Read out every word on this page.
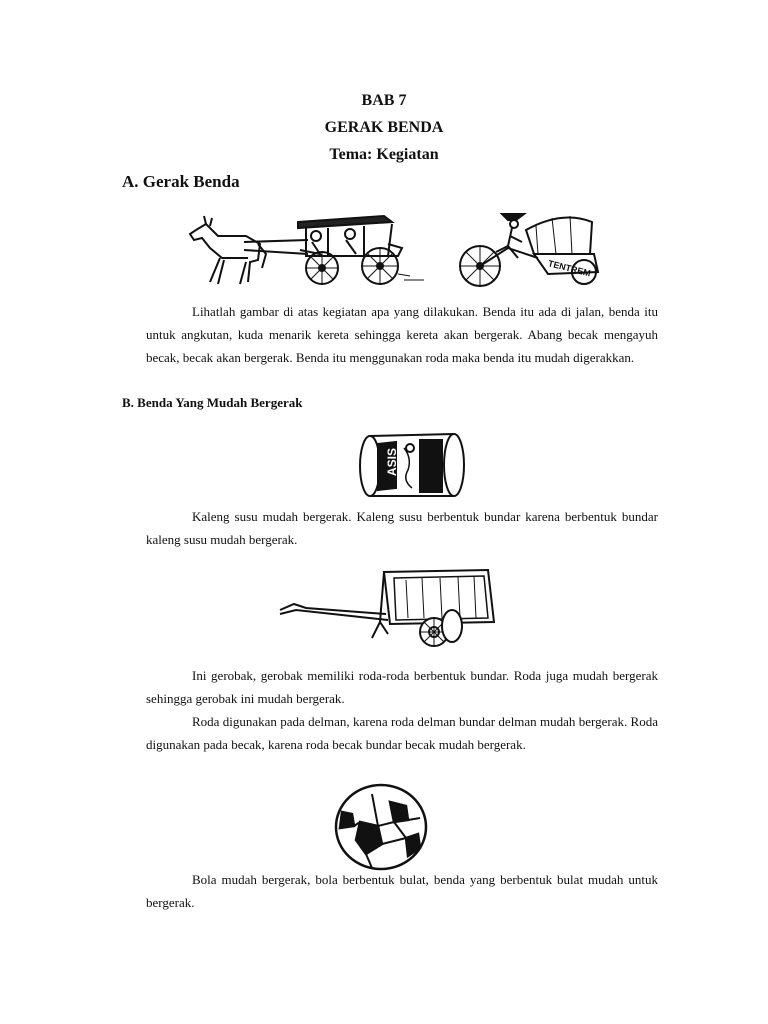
BAB 7
GERAK BENDA
Tema: Kegiatan
A. Gerak Benda
TENTREM
Lihatlah gambar di atas kegiatan apa yang dilakukan. Benda itu ada di jalan, benda itu untuk angkutan, kuda menarik kereta sehingga kereta akan bergerak. Abang becak mengayuh becak, becak akan bergerak. Benda itu menggunakan roda maka benda itu mudah digerakkan.
B. Benda Yang Mudah Bergerak
ASIS
Kaleng susu mudah bergerak. Kaleng susu berbentuk bundar karena berbentuk bundar kaleng susu mudah bergerak.
Ini gerobak, gerobak memiliki roda-roda berbentuk bundar. Roda juga mudah bergerak sehingga gerobak ini mudah bergerak.
Roda digunakan pada delman, karena roda delman bundar delman mudah bergerak. Roda digunakan pada becak, karena roda becak bundar becak mudah bergerak.
Bola mudah bergerak, bola berbentuk bulat, benda yang berbentuk bulat mudah untuk bergerak.
